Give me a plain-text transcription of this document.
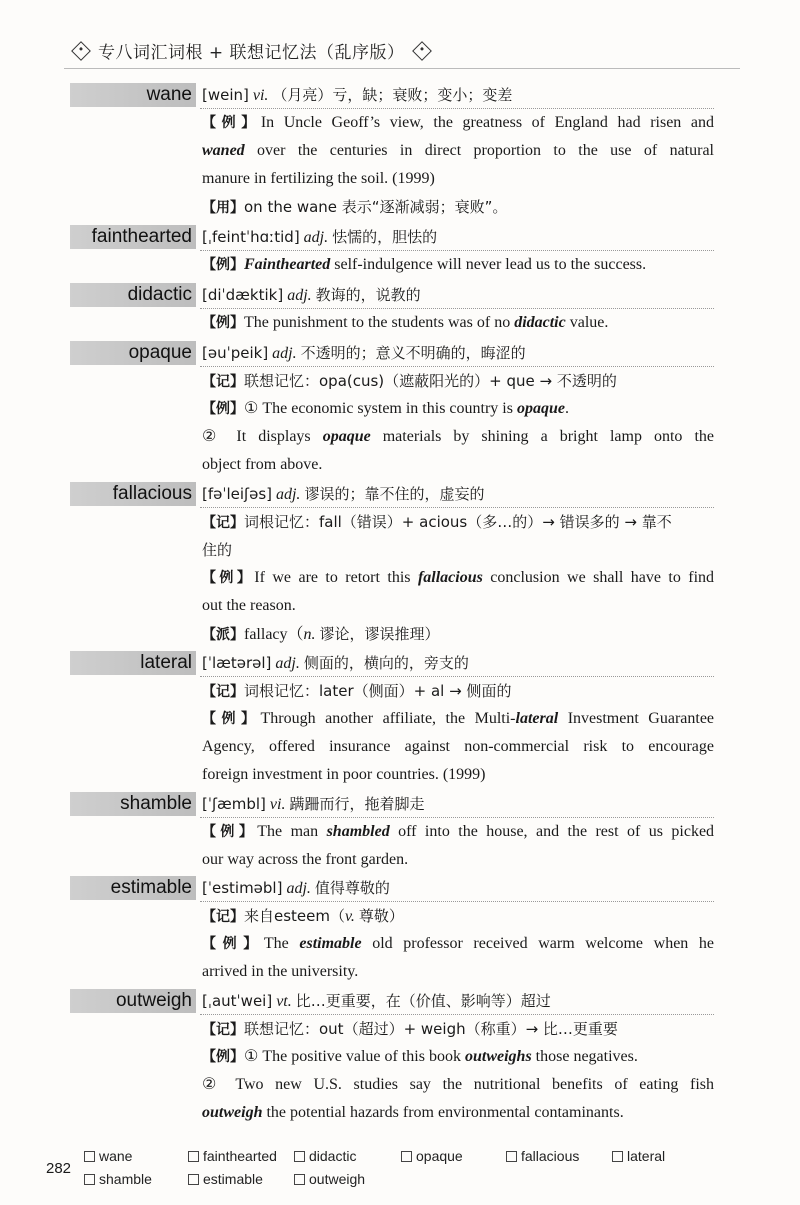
专八词汇词根 + 联想记忆法（乱序版）
wane [wein] vi. （月亮）亏，缺；衰败；变小；变差
【例】In Uncle Geoff’s view, the greatness of England had risen and
waned over the centuries in direct proportion to the use of natural
manure in fertilizing the soil. (1999)
【用】on the wane 表示“逐渐减弱；衰败”。
fainthearted [ˌfeintˈhɑːtid] adj. 怯懦的，胆怯的
【例】Fainthearted self-indulgence will never lead us to the success.
didactic [diˈdæktik] adj. 教诲的，说教的
【例】The punishment to the students was of no didactic value.
opaque [əuˈpeik] adj. 不透明的；意义不明确的，晦涩的
【记】联想记忆：opa(cus)（遮蔽阳光的）+ que → 不透明的
【例】① The economic system in this country is opaque.
② It displays opaque materials by shining a bright lamp onto the
object from above.
fallacious [fəˈleiʃəs] adj. 谬误的；靠不住的，虚妄的
【记】词根记忆：fall（错误）+ acious（多…的）→ 错误多的 → 靠不
住的
【例】If we are to retort this fallacious conclusion we shall have to find
out the reason.
【派】fallacy（n. 谬论，谬误推理）
lateral [ˈlætərəl] adj. 侧面的，横向的，旁支的
【记】词根记忆：later（侧面）+ al → 侧面的
【例】Through another affiliate, the Multi-lateral Investment Guarantee
Agency, offered insurance against non-commercial risk to encourage
foreign investment in poor countries. (1999)
shamble [ˈʃæmbl] vi. 蹒跚而行，拖着脚走
【例】The man shambled off into the house, and the rest of us picked
our way across the front garden.
estimable [ˈestiməbl] adj. 值得尊敬的
【记】来自esteem（v. 尊敬）
【例】The estimable old professor received warm welcome when he
arrived in the university.
outweigh [ˌautˈwei] vt. 比…更重要，在（价值、影响等）超过
【记】联想记忆：out（超过）+ weigh（称重）→ 比…更重要
【例】① The positive value of this book outweighs those negatives.
② Two new U.S. studies say the nutritional benefits of eating fish
outweigh the potential hazards from environmental contaminants.
282
wane	fainthearted	didactic	opaque	fallacious	lateral
shamble	estimable	outweigh
